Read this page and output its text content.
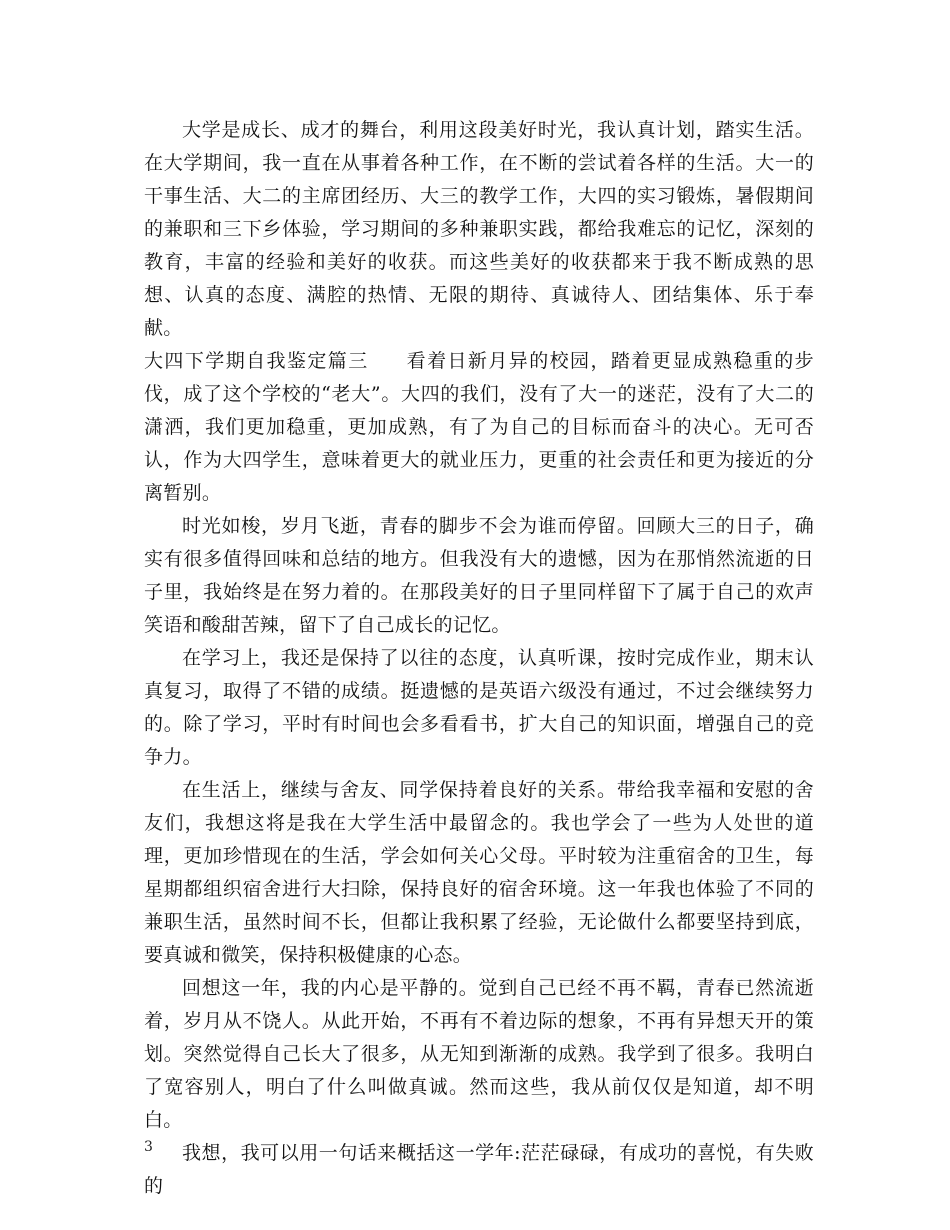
大学是成长、成才的舞台，利用这段美好时光，我认真计划，踏实生活。在大学期间，我一直在从事着各种工作，在不断的尝试着各样的生活。大一的干事生活、大二的主席团经历、大三的教学工作，大四的实习锻炼，暑假期间的兼职和三下乡体验，学习期间的多种兼职实践，都给我难忘的记忆，深刻的教育，丰富的经验和美好的收获。而这些美好的收获都来于我不断成熟的思想、认真的态度、满腔的热情、无限的期待、真诚待人、团结集体、乐于奉献。

大四下学期自我鉴定篇三 看着日新月异的校园，踏着更显成熟稳重的步伐，成了这个学校的“老大”。大四的我们，没有了大一的迷茫，没有了大二的潇洒，我们更加稳重，更加成熟，有了为自己的目标而奋斗的决心。无可否认，作为大四学生，意味着更大的就业压力，更重的社会责任和更为接近的分离暂别。

时光如梭，岁月飞逝，青春的脚步不会为谁而停留。回顾大三的日子，确实有很多值得回味和总结的地方。但我没有大的遗憾，因为在那悄然流逝的日子里，我始终是在努力着的。在那段美好的日子里同样留下了属于自己的欢声笑语和酸甜苦辣，留下了自己成长的记忆。

在学习上，我还是保持了以往的态度，认真听课，按时完成作业，期末认真复习，取得了不错的成绩。挺遗憾的是英语六级没有通过，不过会继续努力的。除了学习，平时有时间也会多看看书，扩大自己的知识面，增强自己的竞争力。

在生活上，继续与舍友、同学保持着良好的关系。带给我幸福和安慰的舍友们，我想这将是我在大学生活中最留念的。我也学会了一些为人处世的道理，更加珍惜现在的生活，学会如何关心父母。平时较为注重宿舍的卫生，每星期都组织宿舍进行大扫除，保持良好的宿舍环境。这一年我也体验了不同的兼职生活，虽然时间不长，但都让我积累了经验，无论做什么都要坚持到底，要真诚和微笑，保持积极健康的心态。

回想这一年，我的内心是平静的。觉到自己已经不再不羁，青春已然流逝着，岁月从不饶人。从此开始，不再有不着边际的想象，不再有异想天开的策划。突然觉得自己长大了很多，从无知到渐渐的成熟。我学到了很多。我明白了宽容别人，明白了什么叫做真诚。然而这些，我从前仅仅是知道，却不明白。

我想，我可以用一句话来概括这一学年:茫茫碌碌，有成功的喜悦，有失败的

3
